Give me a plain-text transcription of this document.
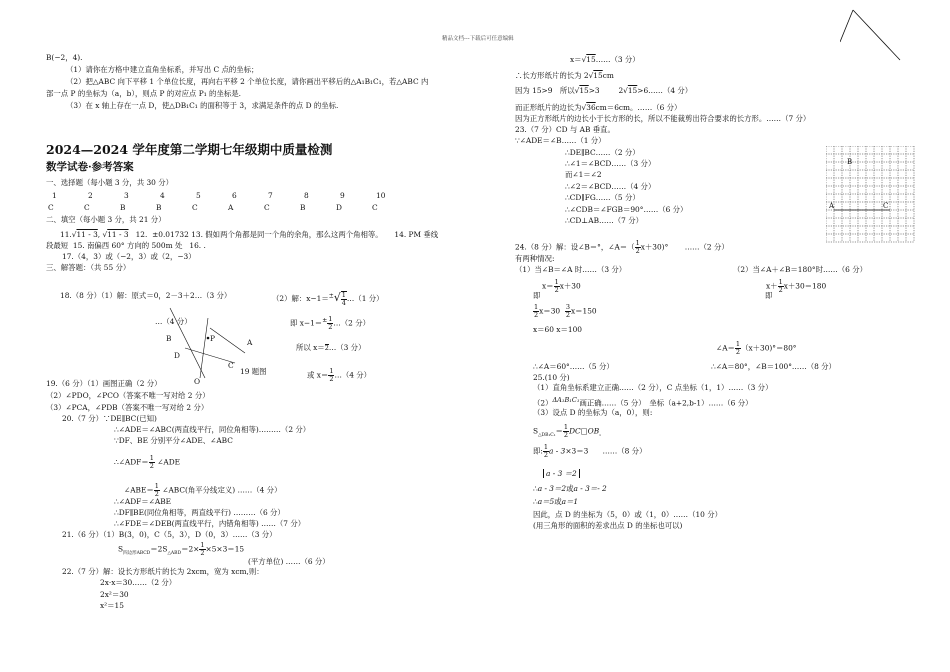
精品文档---下载后可任意编辑
B(−2，4).
（1）请你在方格中建立直角坐标系，并写出 C 点的坐标；
（2）把△ABC 向下平移 1 个单位长度，再向右平移 2 个单位长度，请你画出平移后的△A₁B₁C₁，若△ABC 内
部一点 P 的坐标为（a，b），则点 P 的对应点 P₁ 的坐标是.
（3）在 x 轴上存在一点 D，使△DB₁C₁ 的面积等于 3，求满足条件的点 D 的坐标.
2024—2024 学年度第二学期七年级期中质量检测
数学试卷·参考答案
一、选择题（每小题 3 分，共 30 分）
1	2	3	4	5	6	7	8	9	10
C	C	B	B	C	A	C	B	D	C
二、填空（每小题 3 分，共 21 分）
11.√11 - 3, √11 - 3 12. ±0.01732 13. 假如两个角都是同一个角的余角，那么这两个角相等。 14. PM 垂线
段最短 15. 南偏西 60° 方向的 500m 处 16. .
17.（4，3）或（−2，3）或（2，−3）
三、解答题：（共 55 分）
18.（8 分）（1）解：原式＝0，2－3＋2…（3 分）	（2）解：$x-1=^\pm√ \frac{1}{4}$ …（1 分）
…（4 分）	即 $x-1=^\pm \frac{1}{2}$ …（2 分）
所以 x＝ 2 …（3 分）
或 $x= \frac{1}{2}$ …（4 分）
B	P	A
D
C
O
19 题图
19.（6 分）（1）画图正确（2 分）
（2）∠PDO，∠PCO（答案不唯一写对给 2 分）
（3）∠PCA，∠PDB（答案不唯一写对给 2 分）
20.（7 分）∵DE∥BC(已知)
∴∠ADE＝∠ABC(两直线平行，同位角相等)………（2 分）
∵DF、BE 分别平分∠ADE、∠ABC
∴∠ADF＝ $\frac{1}{2}$ ∠ADE
∠ABE＝ $\frac{1}{2}$ ∠ABC(角平分线定义) ……（4 分）
∴∠ADF＝∠ABE
∴DF∥BE(同位角相等，两直线平行) ………（6 分）
∴∠FDE＝∠DEB(两直线平行，内错角相等) ……（7 分）
21.（6 分）（1）B(3，0)，C（5，3），D（0，3）……（3 分）
$S_{四边形ABCD}=2S_{\triangle ABD}=2\times \frac{1}{2} \times 5\times 3=15$
(平方单位) ……（6 分）
22.（7 分）解：设长方形纸片的长为 2xcm，宽为 xcm,则：
2x·x＝30……（2 分）
2x²＝30
x²＝15
x＝√15……（3 分）
∴长方形纸片的长为 2√15cm
因为 15>9　所以√15>3	2√15>6……（4 分）
而正形纸片的边长为√36cm＝6cm。……（6 分）
因为正方形纸片的边长小于长方形的长，所以不能裁剪出符合要求的长方形。……（7 分）
23.（7 分）CD 与 AB 垂直。
∵∠ADE＝∠B……（1 分）
∴DE∥BC……（2 分）
∴∠1＝∠BCD……（3 分）
而∠1＝∠2
∴∠2＝∠BCD……（4 分）
∴CD∥FG……（5 分）
∴∠CDB＝∠FGB＝90°……（6 分）
∴CD⊥AB……（7 分）
B
A	C
24.（8 分）解：设∠B＝°，∠A＝（ $\frac{1}{2} x+30)^\circ$ ……（2 分）
有两种情况:
（1）当∠B＝∠A 时……（3 分）	（2）当∠A＋∠B＝180°时……（6 分）
$x= \frac{1}{2} x+30$
即
$x+ \frac{1}{2} x+30=180$
即
$\frac{1}{2} x=30 \frac{3}{2} x=150$
x＝60 x＝100
∠A＝ $\frac{1}{2} (x+30)^\circ=80^\circ$
∴∠A＝60°……（5 分）	∴∠A＝80°，∠B＝100°……（8 分）
25.(10 分)
（1）直角坐标系建立正确……（2 分），C 点坐标（1，1）……（3 分）
（2）ΔA₁B₁C₁画正确……（5 分）　坐标（a+2,b-1）……（6 分）
（3）设点 D 的坐标为（a，0），则:
$S_{\triangle DB_1C_1}= \frac{1}{2}$ $DC□OB_{_1}$
即: $\frac{1}{2}$ a - 3×3＝3 ……（8 分）
a - 3 ＝2
∴a - 3＝2或a - 3＝- 2
∴a＝5或a＝1
因此，点 D 的坐标为（5，0）或（1，0）……（10 分）
(用三角形的面积的差求出点 D 的坐标也可以)
